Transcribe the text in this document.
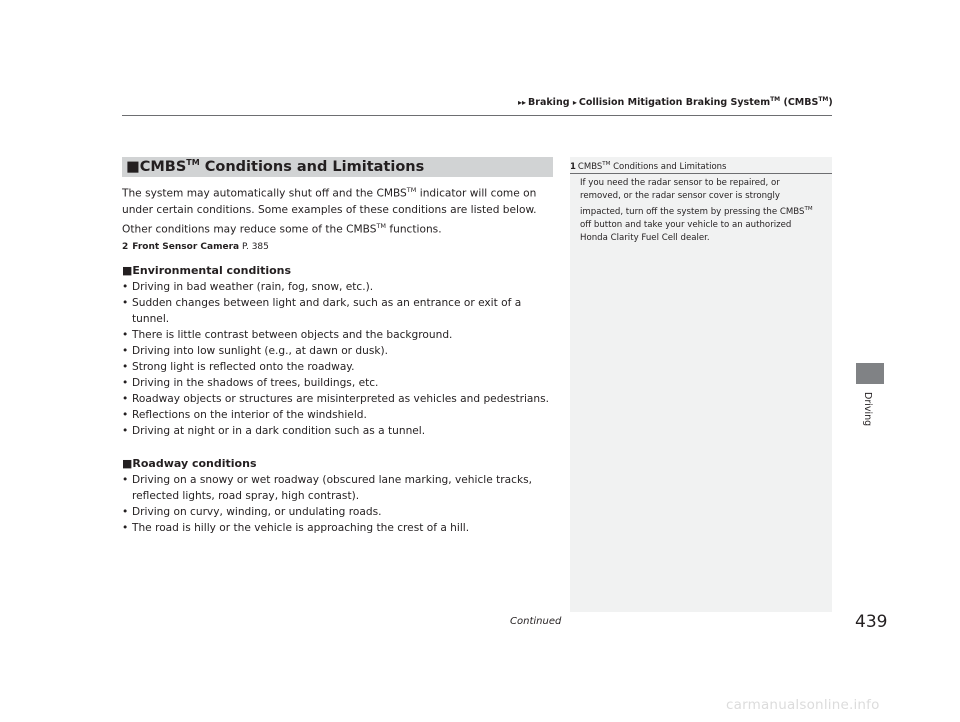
▸▸ Braking ▸ Collision Mitigation Braking System™ (CMBS™)
■CMBS™ Conditions and Limitations

The system may automatically shut off and the CMBS™ indicator will come on under certain conditions. Some examples of these conditions are listed below. Other conditions may reduce some of the CMBS™ functions.

2 Front Sensor Camera P. 385
■Environmental conditions
• Driving in bad weather (rain, fog, snow, etc.).
• Sudden changes between light and dark, such as an entrance or exit of a tunnel.
• There is little contrast between objects and the background.
• Driving into low sunlight (e.g., at dawn or dusk).
• Strong light is reflected onto the roadway.
• Driving in the shadows of trees, buildings, etc.
• Roadway objects or structures are misinterpreted as vehicles and pedestrians.
• Reflections on the interior of the windshield.
• Driving at night or in a dark condition such as a tunnel.
■Roadway conditions
• Driving on a snowy or wet roadway (obscured lane marking, vehicle tracks, reflected lights, road spray, high contrast).
• Driving on curvy, winding, or undulating roads.
• The road is hilly or the vehicle is approaching the crest of a hill.
1 CMBS™ Conditions and Limitations
If you need the radar sensor to be repaired, or removed, or the radar sensor cover is strongly impacted, turn off the system by pressing the CMBS™ off button and take your vehicle to an authorized Honda Clarity Fuel Cell dealer.
Driving
Continued	439
carmanualsonline.info
